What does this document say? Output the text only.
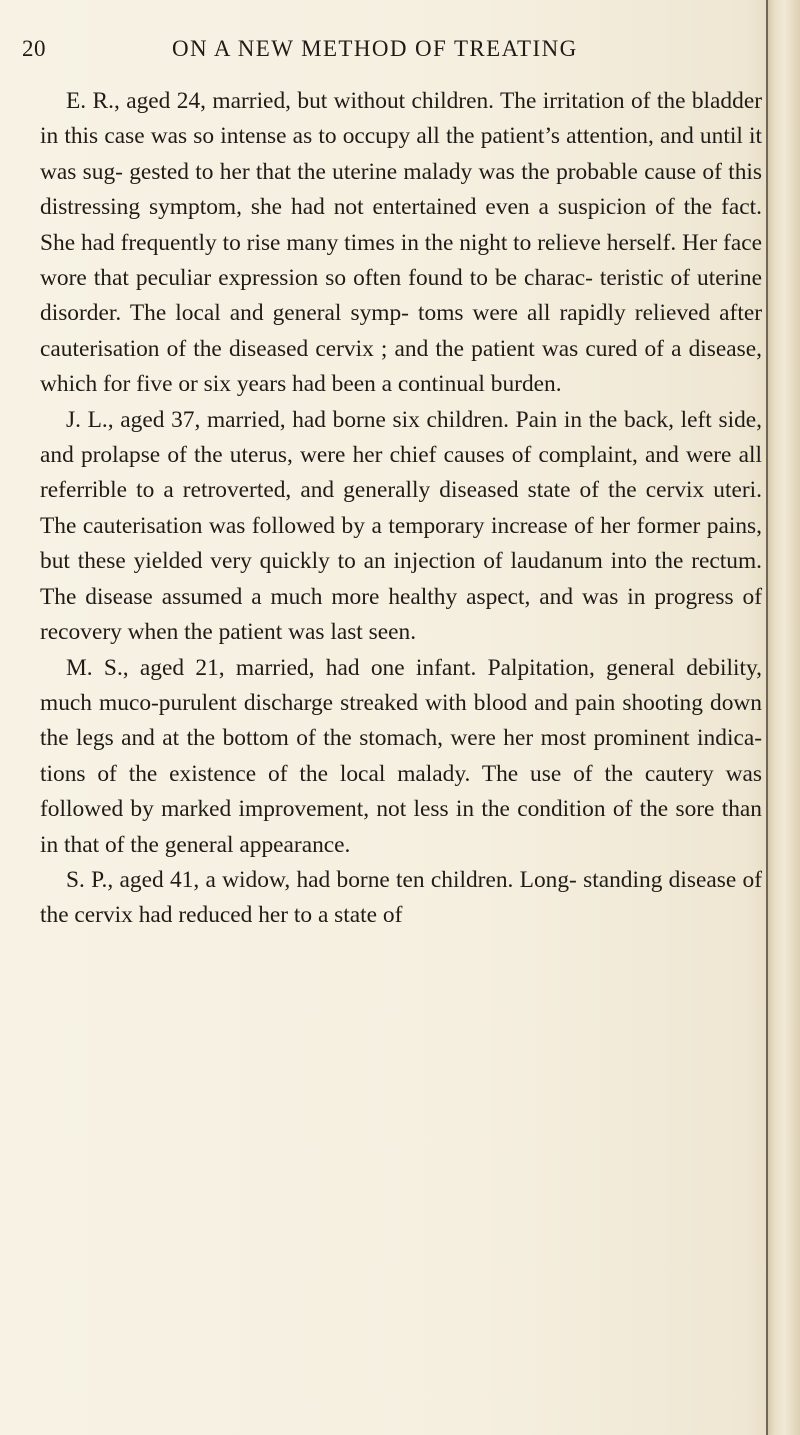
20	ON A NEW METHOD OF TREATING

E. R., aged 24, married, but without children. The irritation of the bladder in this case was so intense as to occupy all the patient’s attention, and until it was sug- gested to her that the uterine malady was the probable cause of this distressing symptom, she had not entertained even a suspicion of the fact. She had frequently to rise many times in the night to relieve herself. Her face wore that peculiar expression so often found to be charac- teristic of uterine disorder. The local and general symp- toms were all rapidly relieved after cauterisation of the diseased cervix ; and the patient was cured of a disease, which for five or six years had been a continual burden.

J. L., aged 37, married, had borne six children. Pain in the back, left side, and prolapse of the uterus, were her chief causes of complaint, and were all referrible to a retroverted, and generally diseased state of the cervix uteri. The cauterisation was followed by a temporary increase of her former pains, but these yielded very quickly to an injection of laudanum into the rectum. The disease assumed a much more healthy aspect, and was in progress of recovery when the patient was last seen.

M. S., aged 21, married, had one infant. Palpitation, general debility, much muco-purulent discharge streaked with blood and pain shooting down the legs and at the bottom of the stomach, were her most prominent indica- tions of the existence of the local malady. The use of the cautery was followed by marked improvement, not less in the condition of the sore than in that of the general appearance.

S. P., aged 41, a widow, had borne ten children. Long- standing disease of the cervix had reduced her to a state of
